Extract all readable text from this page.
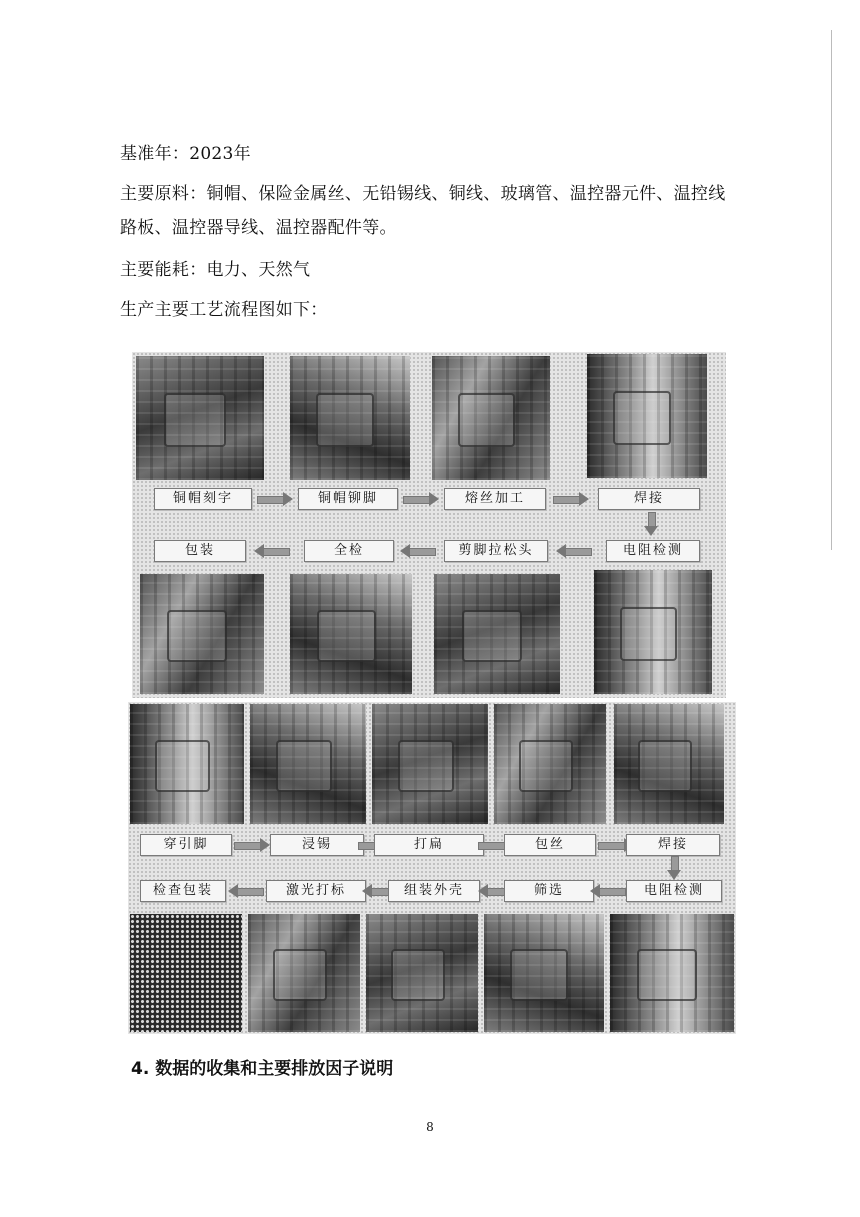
基准年：2023年
主要原料：铜帽、保险金属丝、无铅锡线、铜线、玻璃管、温控器元件、温控线
路板、温控器导线、温控器配件等。
主要能耗：电力、天然气
生产主要工艺流程图如下：
铜帽刻字	铜帽铆脚	熔丝加工	焊接
包装	全检	剪脚拉松头	电阻检测
穿引脚	浸锡	打扁	包丝	焊接
检查包装	激光打标	组装外壳	筛选	电阻检测
4. 数据的收集和主要排放因子说明
8
